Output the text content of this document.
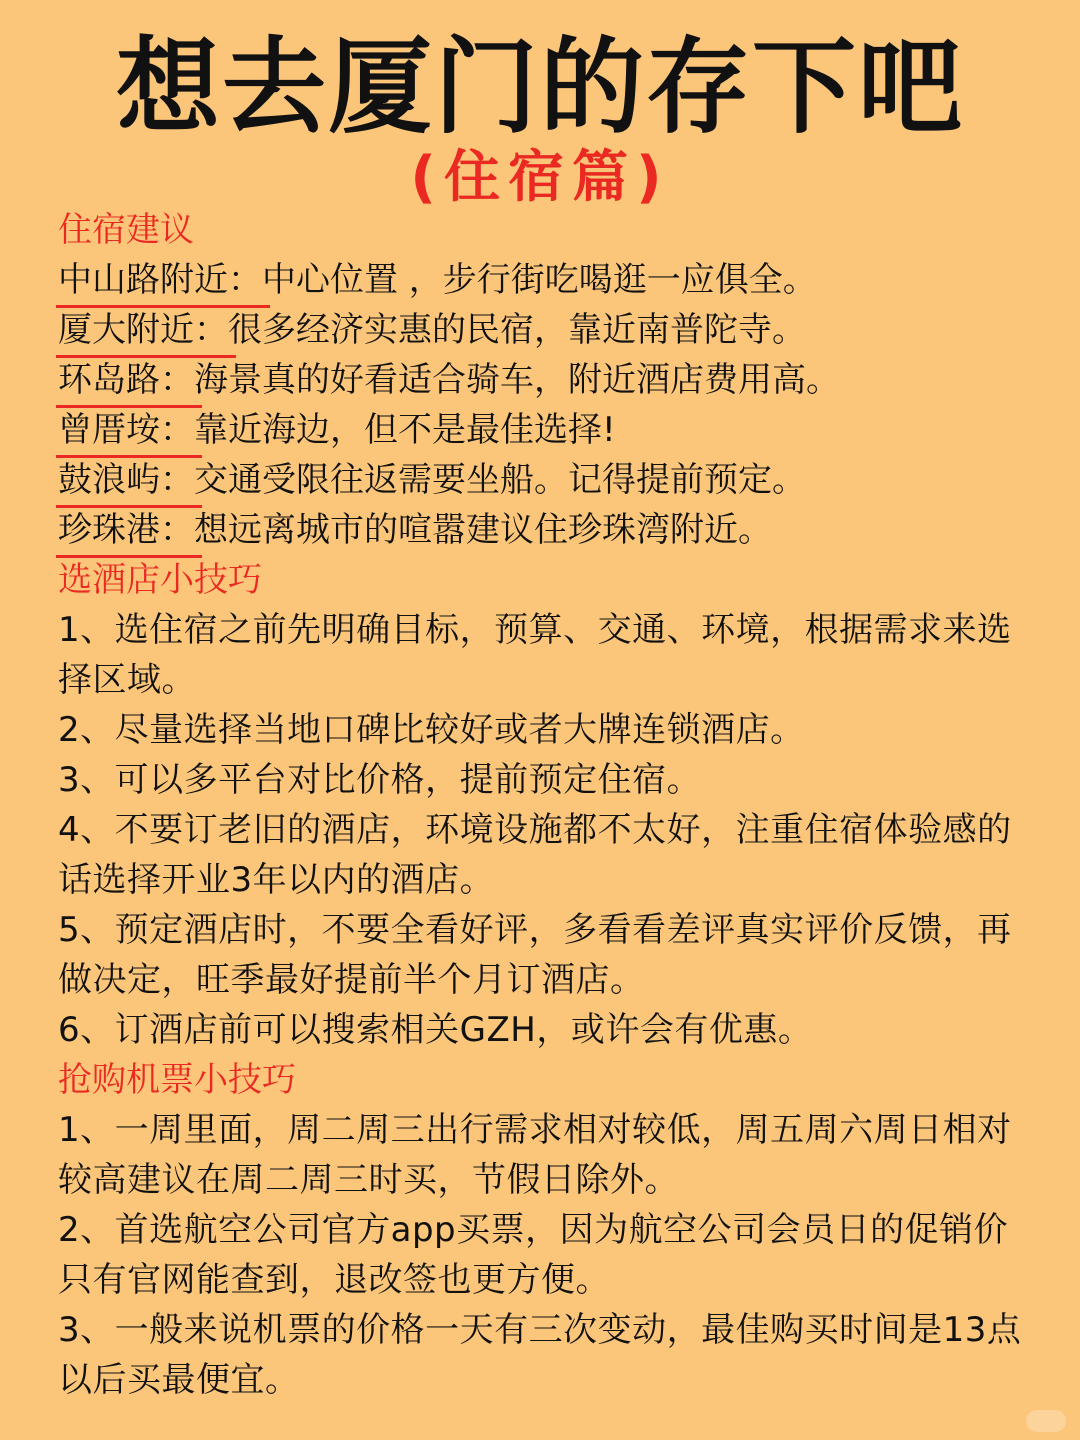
想去厦门的存下吧
(住宿篇)
住宿建议
中山路附近：中心位置 ，步行街吃喝逛一应俱全。
厦大附近：很多经济实惠的民宿，靠近南普陀寺。
环岛路：海景真的好看适合骑车，附近酒店费用高。
曾厝垵：靠近海边，但不是最佳选择!
鼓浪屿：交通受限往返需要坐船。记得提前预定。
珍珠港：想远离城市的喧嚣建议住珍珠湾附近。
选酒店小技巧
1、选住宿之前先明确目标，预算、交通、环境，根据需求来选择区域。
2、尽量选择当地口碑比较好或者大牌连锁酒店。
3、可以多平台对比价格，提前预定住宿。
4、不要订老旧的酒店，环境设施都不太好，注重住宿体验感的话选择开业3年以内的酒店。
5、预定酒店时，不要全看好评，多看看差评真实评价反馈，再做决定，旺季最好提前半个月订酒店。
6、订酒店前可以搜索相关GZH，或许会有优惠。
抢购机票小技巧
1、一周里面，周二周三出行需求相对较低，周五周六周日相对较高建议在周二周三时买，节假日除外。
2、首选航空公司官方app买票，因为航空公司会员日的促销价只有官网能查到，退改签也更方便。
3、一般来说机票的价格一天有三次变动，最佳购买时间是13点以后买最便宜。
